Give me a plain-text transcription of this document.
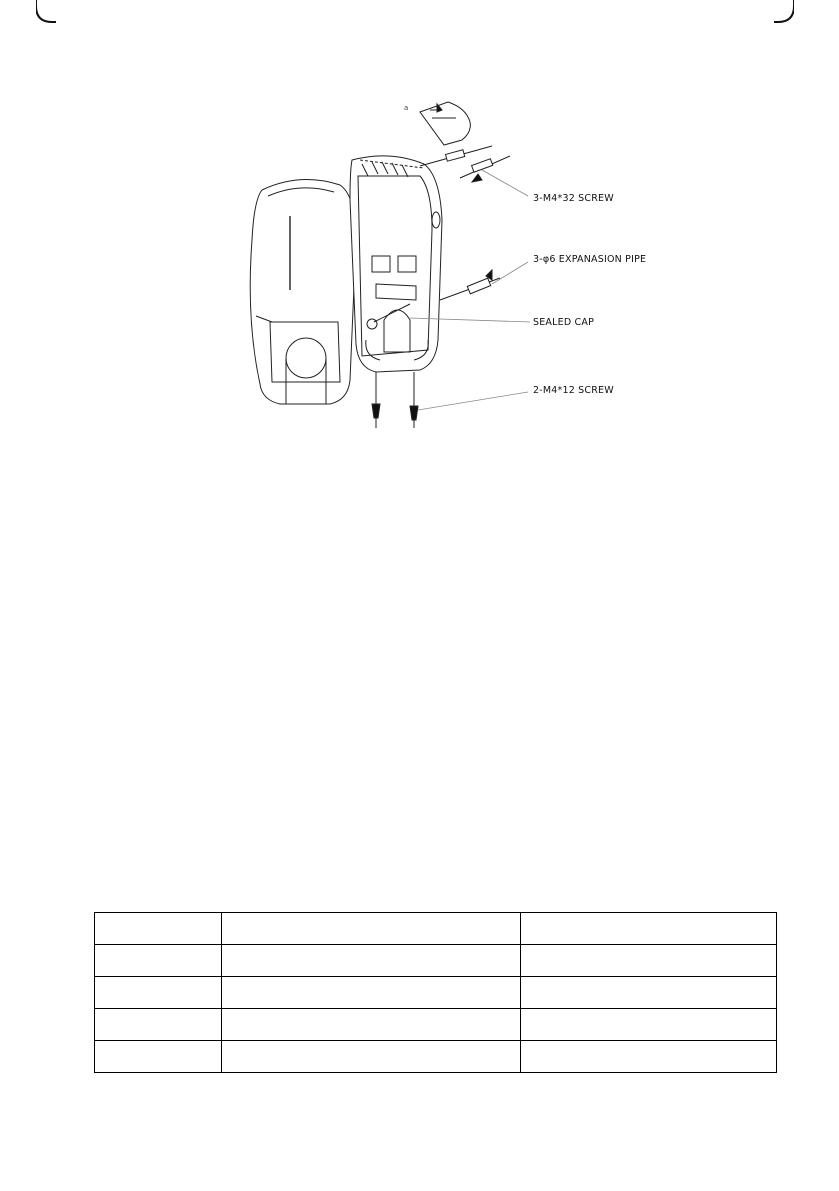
a
3-M4*32 SCREW
3-φ6 EXPANASION PIPE
SEALED CAP
2-M4*12 SCREW
